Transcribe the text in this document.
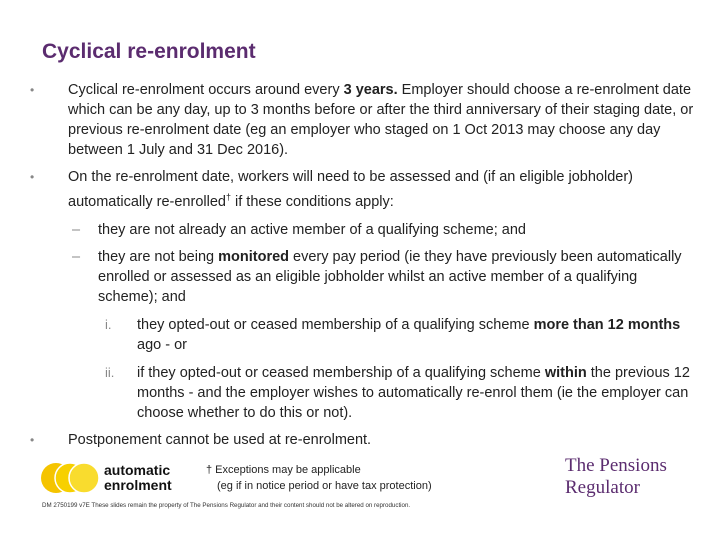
Cyclical re-enrolment
• Cyclical re-enrolment occurs around every 3 years. Employer should choose a re-enrolment date which can be any day, up to 3 months before or after the third anniversary of their staging date, or previous re-enrolment date (eg an employer who staged on 1 Oct 2013 may choose any day between 1 July and 31 Dec 2016).
• On the re-enrolment date, workers will need to be assessed and (if an eligible jobholder) automatically re-enrolled† if these conditions apply:
– they are not already an active member of a qualifying scheme; and
– they are not being monitored every pay period (ie they have previously been automatically enrolled or assessed as an eligible jobholder whilst an active member of a qualifying scheme); and
i. they opted-out or ceased membership of a qualifying scheme more than 12 months ago - or
ii. if they opted-out or ceased membership of a qualifying scheme within the previous 12 months - and the employer wishes to automatically re-enrol them (ie the employer can choose whether to do this or not).
• Postponement cannot be used at re-enrolment.
automatic
enrolment
† Exceptions may be applicable
(eg if in notice period or have tax protection)
The Pensions
Regulator
DM 2750199 v7E These slides remain the property of The Pensions Regulator and their content should not be altered on reproduction.
